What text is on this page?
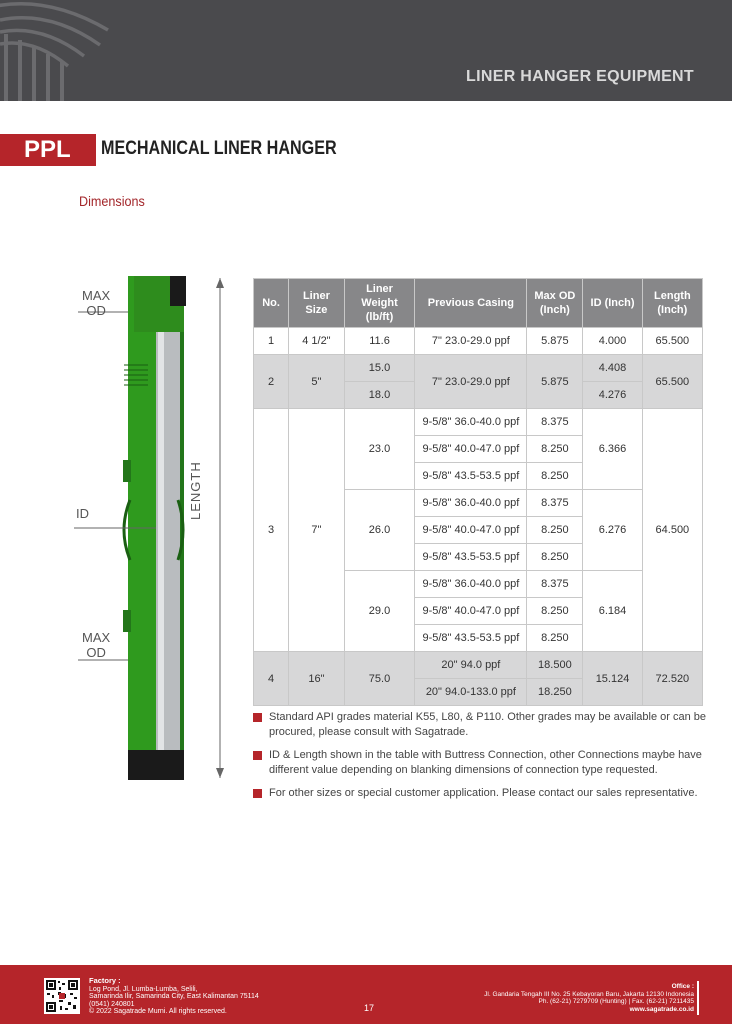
LINER HANGER EQUIPMENT
PPL	MECHANICAL LINER HANGER
Dimensions
MAX
OD
ID	LENGTH
MAX
OD
No.	Liner Size	Liner Weight (lb/ft)	Previous Casing	Max OD (Inch)	ID (Inch)	Length (Inch)
1	4 1/2"	11.6	7" 23.0-29.0 ppf	5.875	4.000	65.500
2	5"	15.0	7" 23.0-29.0 ppf	5.875	4.408	65.500
		18.0			4.276	
3	7"	23.0	9-5/8" 36.0-40.0 ppf	8.375	6.366	64.500
			9-5/8" 40.0-47.0 ppf	8.250		
			9-5/8" 43.5-53.5 ppf	8.250		
		26.0	9-5/8" 36.0-40.0 ppf	8.375	6.276	
			9-5/8" 40.0-47.0 ppf	8.250		
			9-5/8" 43.5-53.5 ppf	8.250		
		29.0	9-5/8" 36.0-40.0 ppf	8.375	6.184	
			9-5/8" 40.0-47.0 ppf	8.250		
			9-5/8" 43.5-53.5 ppf	8.250		
4	16"	75.0	20" 94.0 ppf	18.500	15.124	72.520
			20" 94.0-133.0 ppf	18.250		
Standard API grades material K55, L80, & P110. Other grades may be available or can be procured, please consult with Sagatrade.
ID & Length shown in the table with Buttress Connection, other Connections maybe have different value depending on blanking dimensions of connection type requested.
For other sizes or special customer application. Please contact our sales representative.
Factory :
Log Pond, Jl. Lumba-Lumba, Selili,
Samarinda Ilir, Samarinda City, East Kalimantan 75114
(0541) 240801
© 2022 Sagatrade Murni. All rights reserved.	17
Office :
Jl. Gandaria Tengah III No. 25 Kebayoran Baru, Jakarta 12130 Indonesia
Ph. (62-21) 7279709 (Hunting) | Fax. (62-21) 7211435
www.sagatrade.co.id
